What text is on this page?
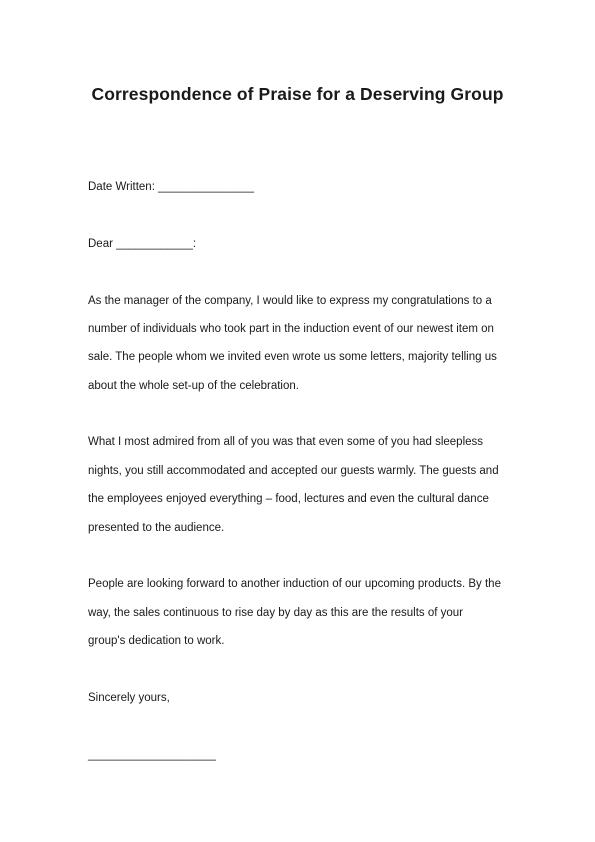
Correspondence of Praise for a Deserving Group

Date Written: _______________

Dear ____________:

As the manager of the company, I would like to express my congratulations to a

number of individuals who took part in the induction event of our newest item on

sale. The people whom we invited even wrote us some letters, majority telling us

about the whole set-up of the celebration.

What I most admired from all of you was that even some of you had sleepless

nights, you still accommodated and accepted our guests warmly. The guests and

the employees enjoyed everything – food, lectures and even the cultural dance

presented to the audience.

People are looking forward to another induction of our upcoming products. By the

way, the sales continuous to rise day by day as this are the results of your

group's dedication to work.

Sincerely yours,

____________________
